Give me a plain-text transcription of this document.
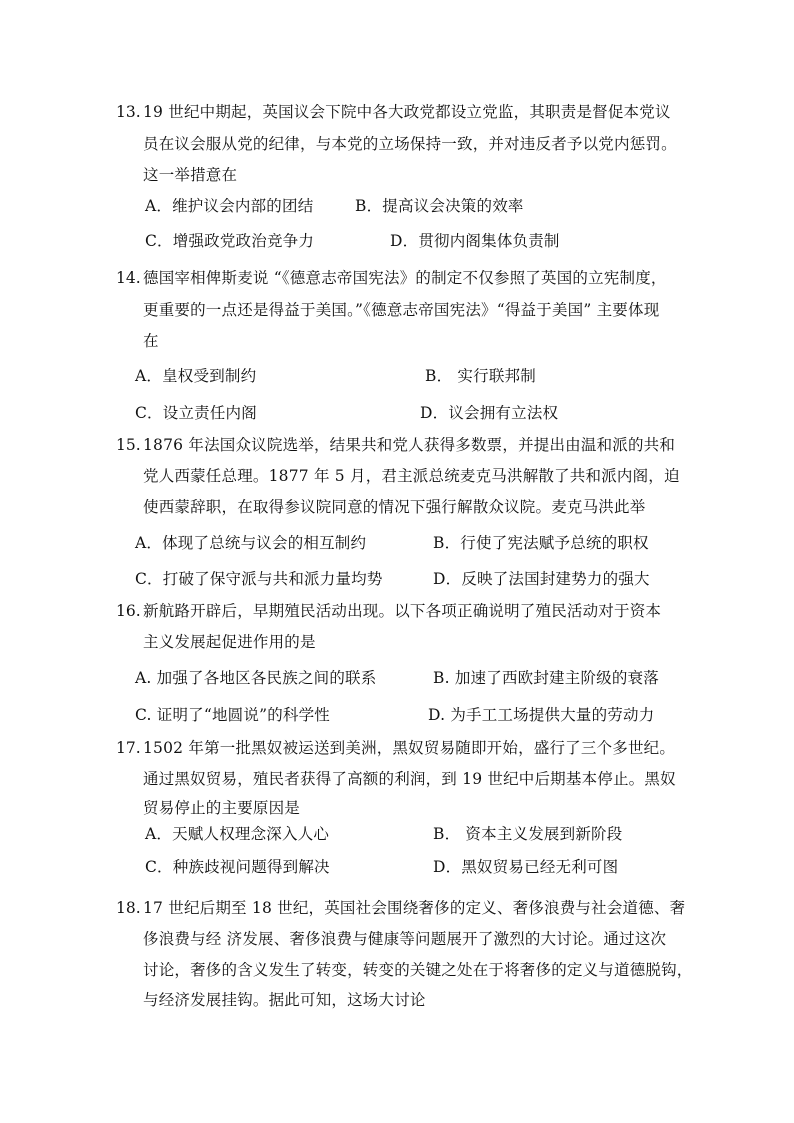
13. 19 世纪中期起，英国议会下院中各大政党都设立党监，其职责是督促本党议
员在议会服从党的纪律，与本党的立场保持一致，并对违反者予以党内惩罚。
这一举措意在
A．维护议会内部的团结	B．提高议会决策的效率
C．增强政党政治竞争力	D．贯彻内阁集体负责制
14. 德国宰相俾斯麦说 “《德意志帝国宪法》的制定不仅参照了英国的立宪制度，
更重要的一点还是得益于美国。”《德意志帝国宪法》“得益于美国” 主要体现
在
A．皇权受到制约	B． 实行联邦制
C．设立责任内阁	D．议会拥有立法权
15. 1876 年法国众议院选举，结果共和党人获得多数票，并提出由温和派的共和
党人西蒙任总理。1877 年 5 月，君主派总统麦克马洪解散了共和派内阁，迫
使西蒙辞职，在取得参议院同意的情况下强行解散众议院。麦克马洪此举
A．体现了总统与议会的相互制约	B．行使了宪法赋予总统的职权
C．打破了保守派与共和派力量均势	D．反映了法国封建势力的强大
16. 新航路开辟后，早期殖民活动出现。以下各项正确说明了殖民活动对于资本
主义发展起促进作用的是
A. 加强了各地区各民族之间的联系	B. 加速了西欧封建主阶级的衰落
C. 证明了“地圆说”的科学性	D. 为手工工场提供大量的劳动力
17. 1502 年第一批黑奴被运送到美洲，黑奴贸易随即开始，盛行了三个多世纪。
通过黑奴贸易，殖民者获得了高额的利润，到 19 世纪中后期基本停止。黑奴
贸易停止的主要原因是
A．天赋人权理念深入人心	B． 资本主义发展到新阶段
C．种族歧视问题得到解决	D．黑奴贸易已经无利可图
18. 17 世纪后期至 18 世纪，英国社会围绕奢侈的定义、奢侈浪费与社会道德、奢
侈浪费与经 济发展、奢侈浪费与健康等问题展开了激烈的大讨论。通过这次
讨论，奢侈的含义发生了转变，转变的关键之处在于将奢侈的定义与道德脱钩，
与经济发展挂钩。据此可知，这场大讨论
